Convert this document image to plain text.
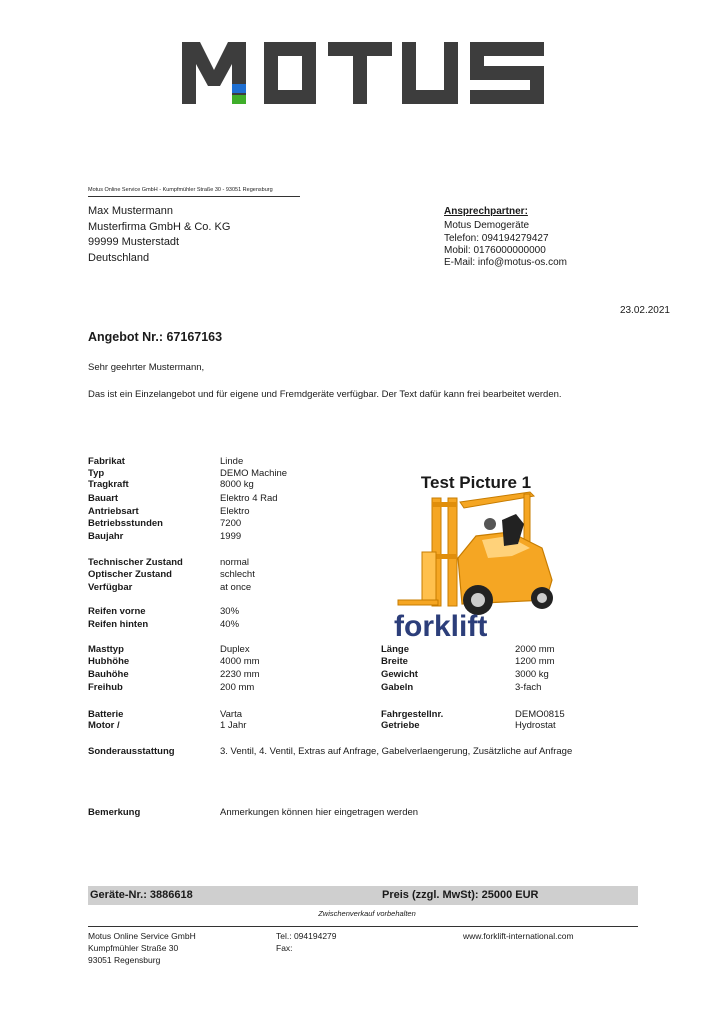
Motus Online Service GmbH - Kumpfmühler Straße 30 - 93051 Regensburg
Max Mustermann
Musterfirma GmbH & Co. KG
99999 Musterstadt
Deutschland
Ansprechpartner:
Motus Demogeräte
Telefon: 094194279427
Mobil: 0176000000000
E-Mail: info@motus-os.com
23.02.2021
Angebot Nr.: 67167163
Sehr geehrter Mustermann,
Das ist ein Einzelangebot und für eigene und Fremdgeräte verfügbar. Der Text dafür kann frei bearbeitet werden.
Fabrikat	Linde
Typ	DEMO Machine
Tragkraft	8000 kg
Bauart	Elektro 4 Rad
Antriebsart	Elektro
Betriebsstunden	7200
Baujahr	1999
Technischer Zustand	normal
Optischer Zustand	schlecht
Verfügbar	at once
Reifen vorne	30%
Reifen hinten	40%
Masttyp	Duplex
Hubhöhe	4000 mm
Bauhöhe	2230 mm
Freihub	200 mm
Batterie	Varta
Motor /	1 Jahr
Länge	2000 mm
Breite	1200 mm
Gewicht	3000 kg
Gabeln	3-fach
Fahrgestellnr.	DEMO0815
Getriebe	Hydrostat
Sonderausstattung	3. Ventil, 4. Ventil, Extras auf Anfrage, Gabelverlaengerung, Zusätzliche auf Anfrage
Bemerkung	Anmerkungen können hier eingetragen werden
Test Picture 1
forklift
Geräte-Nr.: 3886618	Preis (zzgl. MwSt): 25000 EUR
Zwischenverkauf vorbehalten
Motus Online Service GmbH
Kumpfmühler Straße 30
93051 Regensburg
Tel.: 094194279
Fax:
www.forklift-international.com
